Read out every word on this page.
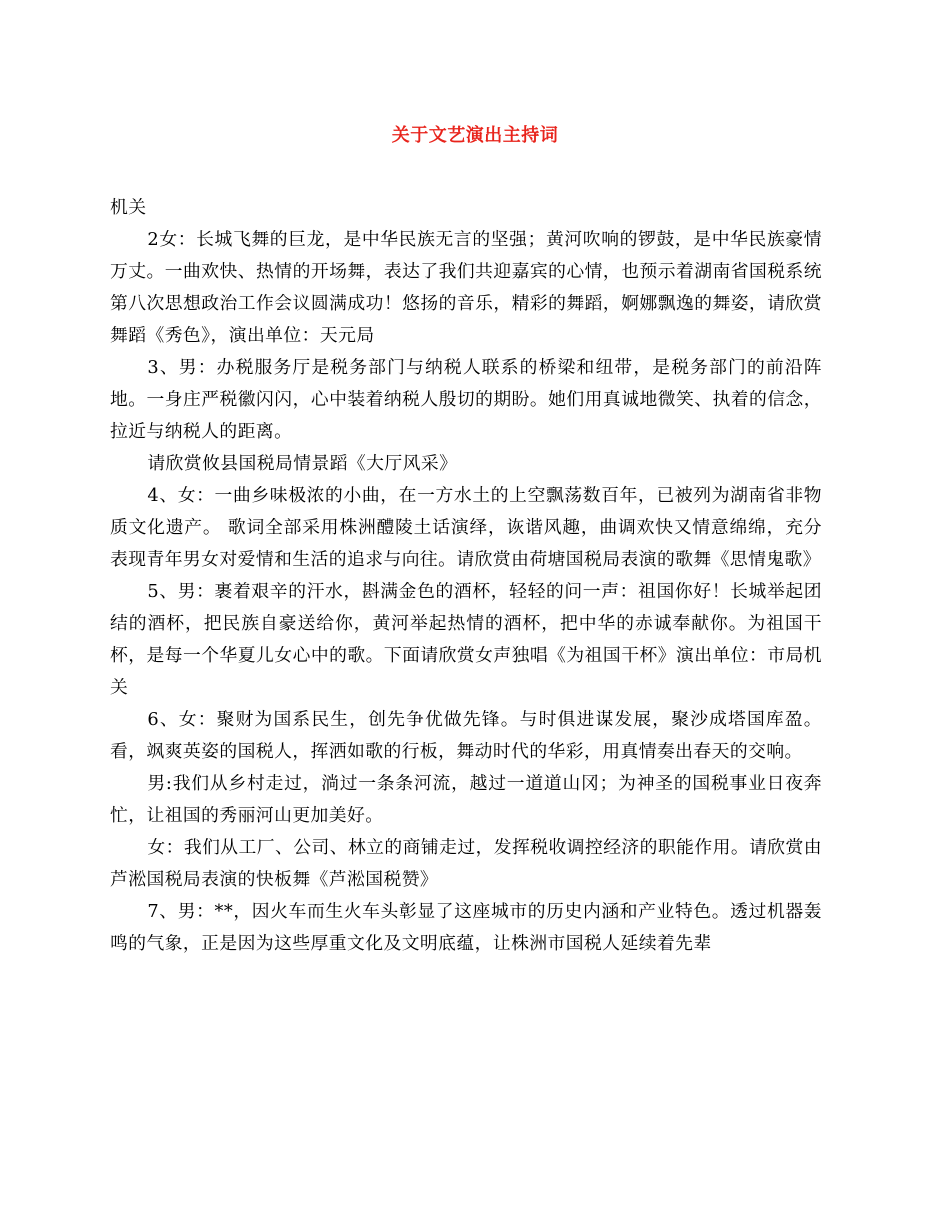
关于文艺演出主持词

机关

2女：长城飞舞的巨龙，是中华民族无言的坚强；黄河吹响的锣鼓，是中华民族豪情万丈。一曲欢快、热情的开场舞，表达了我们共迎嘉宾的心情，也预示着湖南省国税系统第八次思想政治工作会议圆满成功！悠扬的音乐，精彩的舞蹈，婀娜飘逸的舞姿，请欣赏舞蹈《秀色》，演出单位：天元局

3、男：办税服务厅是税务部门与纳税人联系的桥梁和纽带，是税务部门的前沿阵地。一身庄严税徽闪闪，心中装着纳税人殷切的期盼。她们用真诚地微笑、执着的信念，拉近与纳税人的距离。

请欣赏攸县国税局情景蹈《大厅风采》

4、女：一曲乡味极浓的小曲，在一方水土的上空飘荡数百年，已被列为湖南省非物质文化遗产。 歌词全部采用株洲醴陵土话演绎，诙谐风趣，曲调欢快又情意绵绵，充分表现青年男女对爱情和生活的追求与向往。请欣赏由荷塘国税局表演的歌舞《思情鬼歌》

5、男：裹着艰辛的汗水，斟满金色的酒杯，轻轻的问一声：祖国你好！长城举起团结的酒杯，把民族自豪送给你，黄河举起热情的酒杯，把中华的赤诚奉献你。为祖国干杯，是每一个华夏儿女心中的歌。下面请欣赏女声独唱《为祖国干杯》演出单位：市局机关

6、女：聚财为国系民生，创先争优做先锋。与时俱进谋发展，聚沙成塔国库盈。看，飒爽英姿的国税人，挥洒如歌的行板，舞动时代的华彩，用真情奏出春天的交响。

男:我们从乡村走过，淌过一条条河流，越过一道道山冈；为神圣的国税事业日夜奔忙，让祖国的秀丽河山更加美好。

女：我们从工厂、公司、林立的商铺走过，发挥税收调控经济的职能作用。请欣赏由芦淞国税局表演的快板舞《芦淞国税赞》

7、男：**，因火车而生火车头彰显了这座城市的历史内涵和产业特色。透过机器轰鸣的气象，正是因为这些厚重文化及文明底蕴，让株洲市国税人延续着先辈
